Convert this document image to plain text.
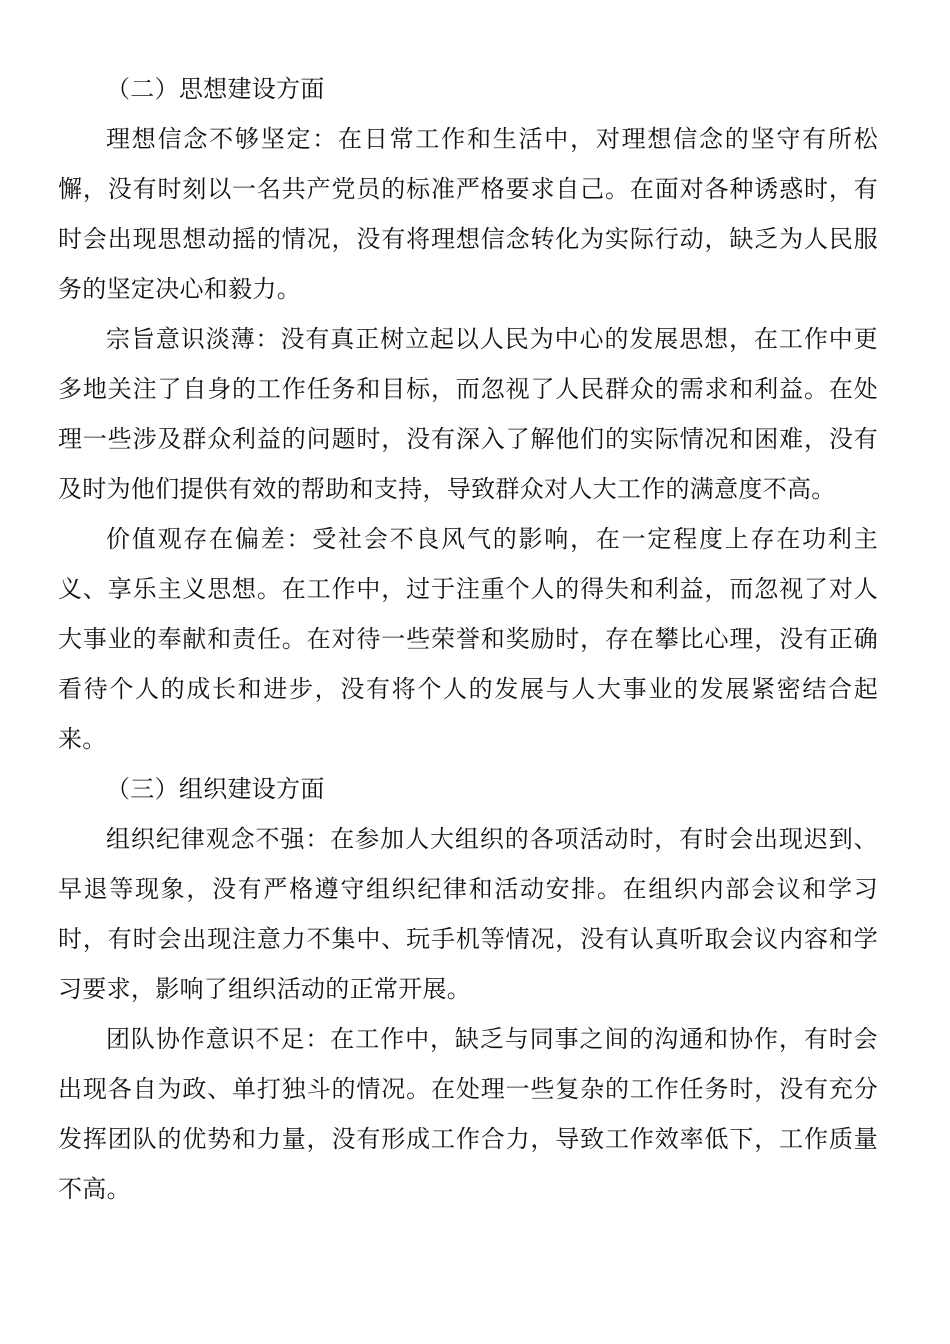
（二）思想建设方面

理想信念不够坚定：在日常工作和生活中，对理想信念的坚守有所松懈，没有时刻以一名共产党员的标准严格要求自己。在面对各种诱惑时，有时会出现思想动摇的情况，没有将理想信念转化为实际行动，缺乏为人民服务的坚定决心和毅力。

宗旨意识淡薄：没有真正树立起以人民为中心的发展思想，在工作中更多地关注了自身的工作任务和目标，而忽视了人民群众的需求和利益。在处理一些涉及群众利益的问题时，没有深入了解他们的实际情况和困难，没有及时为他们提供有效的帮助和支持，导致群众对人大工作的满意度不高。

价值观存在偏差：受社会不良风气的影响，在一定程度上存在功利主义、享乐主义思想。在工作中，过于注重个人的得失和利益，而忽视了对人大事业的奉献和责任。在对待一些荣誉和奖励时，存在攀比心理，没有正确看待个人的成长和进步，没有将个人的发展与人大事业的发展紧密结合起来。

（三）组织建设方面

组织纪律观念不强：在参加人大组织的各项活动时，有时会出现迟到、早退等现象，没有严格遵守组织纪律和活动安排。在组织内部会议和学习时，有时会出现注意力不集中、玩手机等情况，没有认真听取会议内容和学习要求，影响了组织活动的正常开展。

团队协作意识不足：在工作中，缺乏与同事之间的沟通和协作，有时会出现各自为政、单打独斗的情况。在处理一些复杂的工作任务时，没有充分发挥团队的优势和力量，没有形成工作合力，导致工作效率低下，工作质量不高。
